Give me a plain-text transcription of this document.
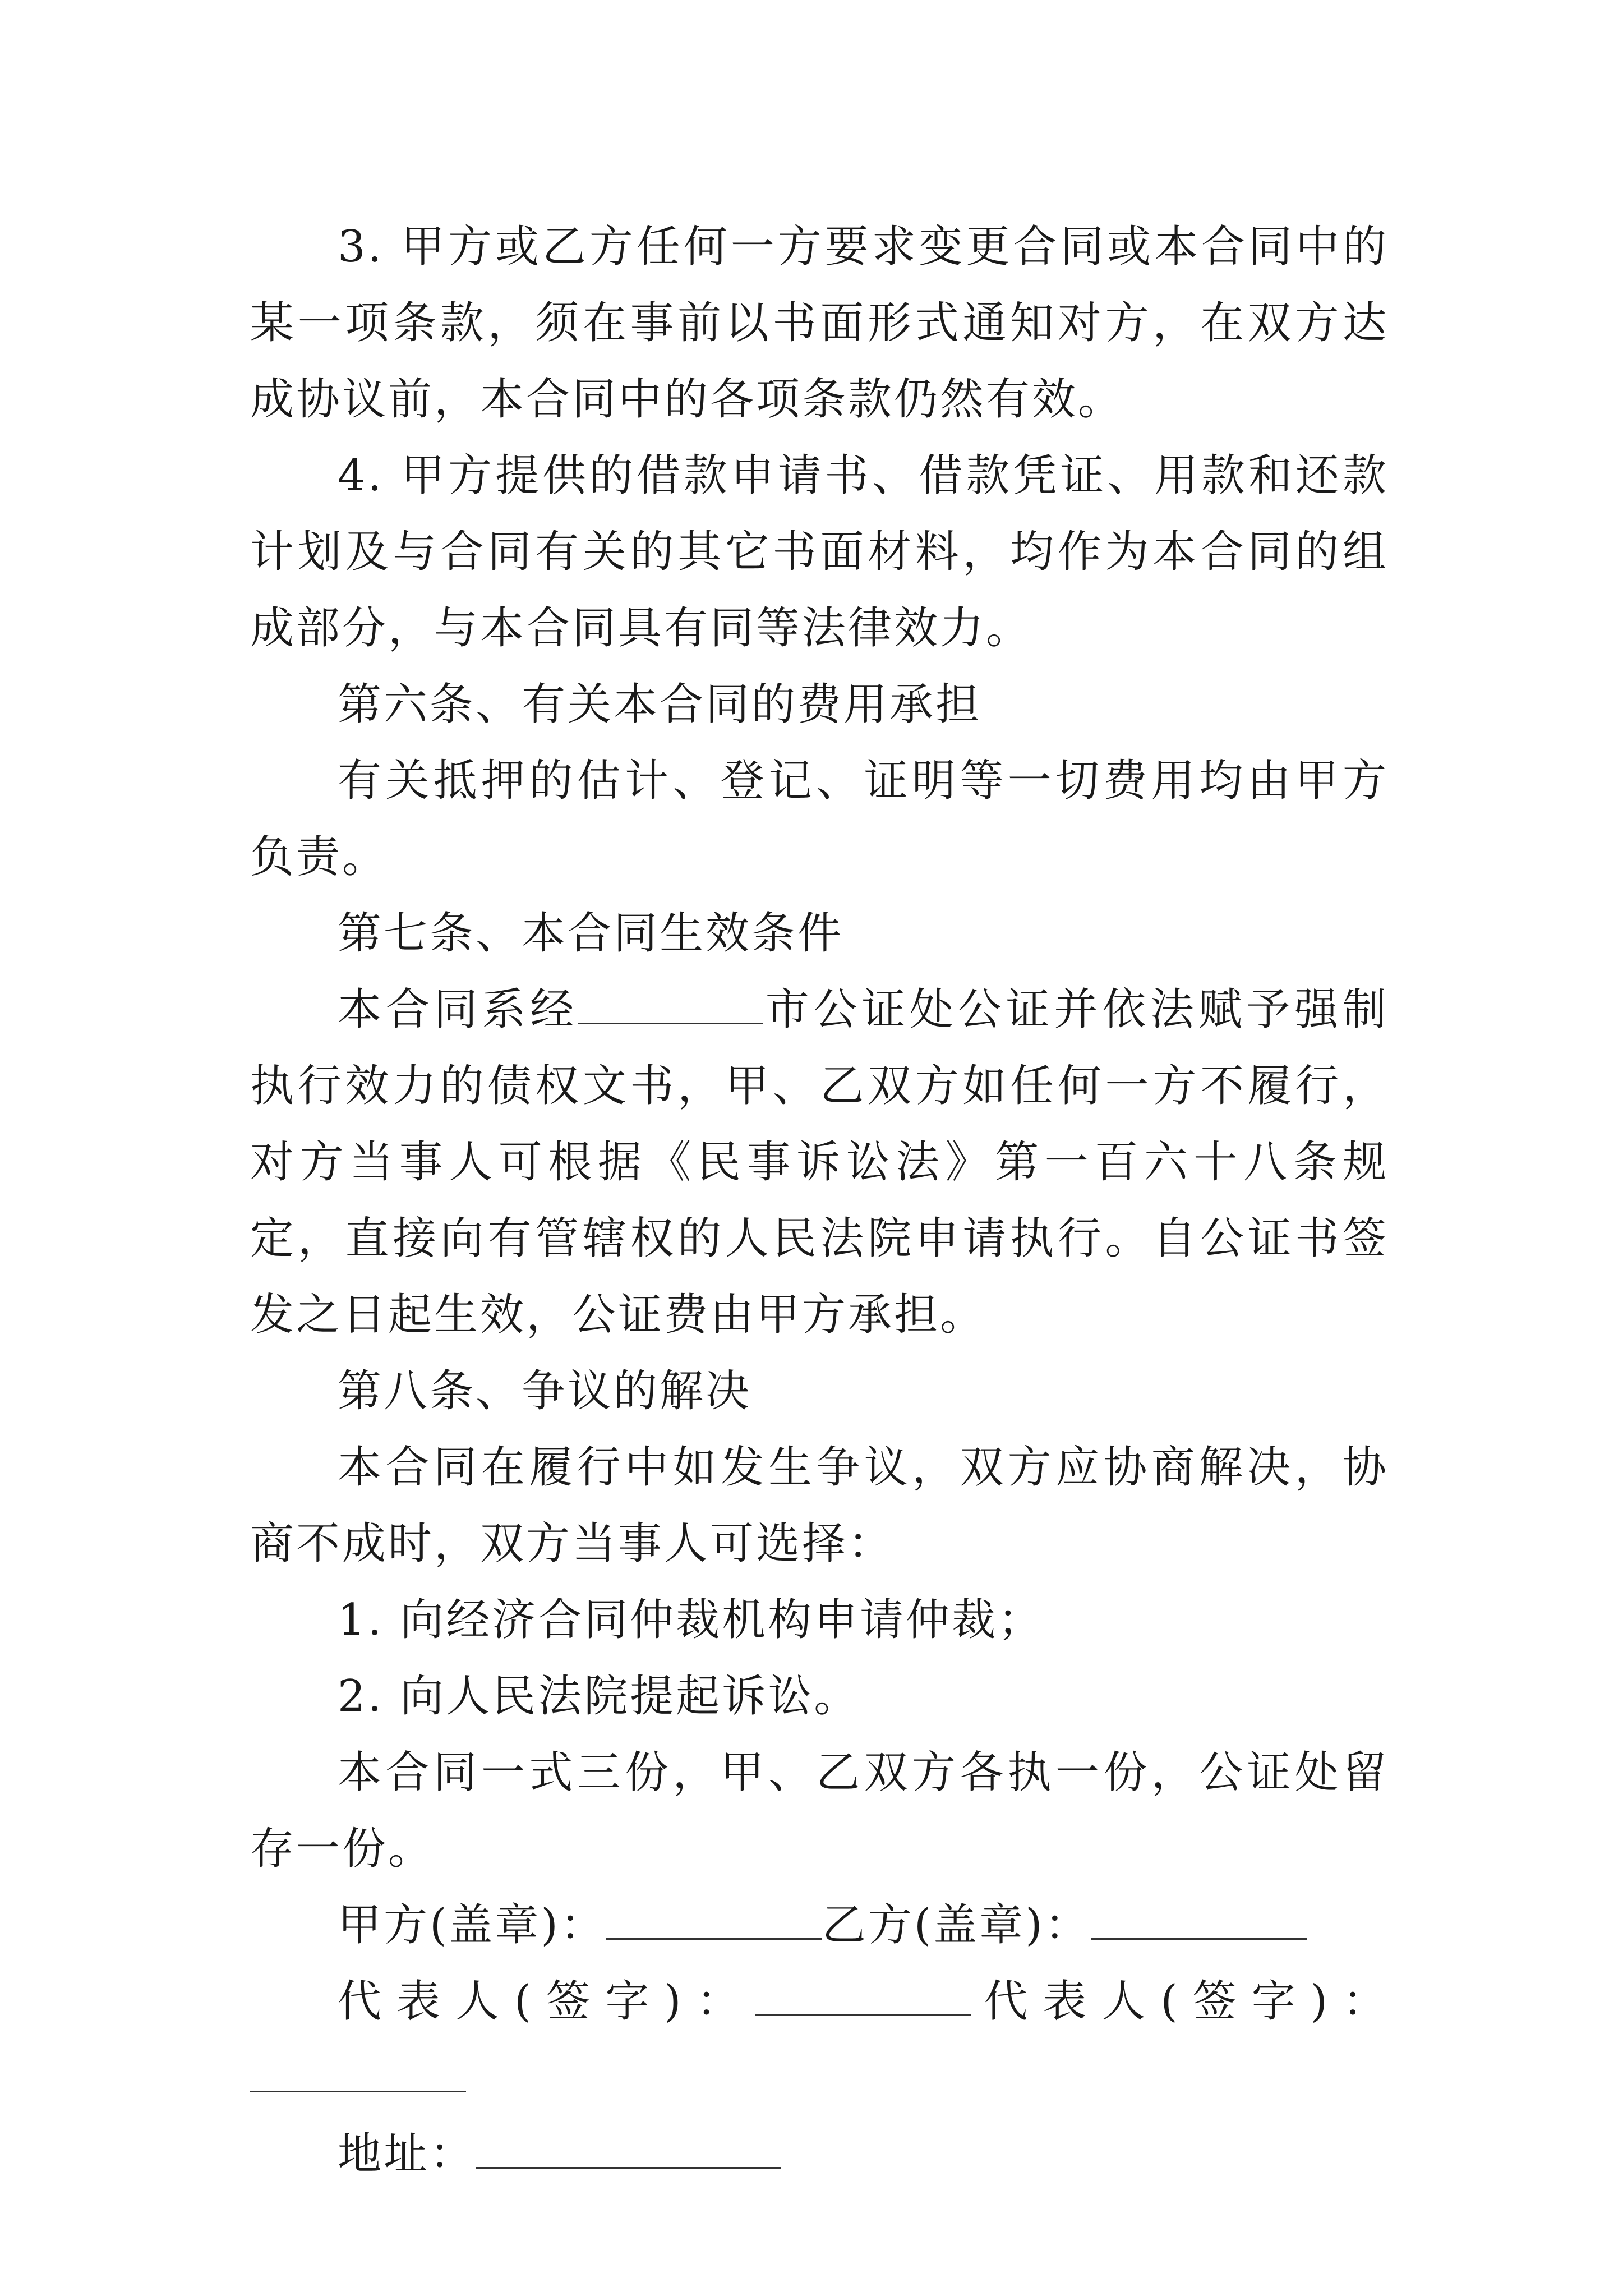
3. 甲方或乙方任何一方要求变更合同或本合同中的某一项条款，须在事前以书面形式通知对方，在双方达成协议前，本合同中的各项条款仍然有效。

4. 甲方提供的借款申请书、借款凭证、用款和还款计划及与合同有关的其它书面材料，均作为本合同的组成部分，与本合同具有同等法律效力。

第六条、有关本合同的费用承担

有关抵押的估计、登记、证明等一切费用均由甲方负责。

第七条、本合同生效条件

本合同系经	市公证处公证并依法赋予强制执行效力的债权文书，甲、乙双方如任何一方不履行，对方当事人可根据《民事诉讼法》第一百六十八条规定，直接向有管辖权的人民法院申请执行。自公证书签发之日起生效，公证费由甲方承担。

第八条、争议的解决

本合同在履行中如发生争议，双方应协商解决，协商不成时，双方当事人可选择：

1. 向经济合同仲裁机构申请仲裁；

2. 向人民法院提起诉讼。

本合同一式三份，甲、乙双方各执一份，公证处留存一份。

甲方(盖章)：	乙方(盖章)：

代表人(签字)：	代表人(签字)：

地址：
